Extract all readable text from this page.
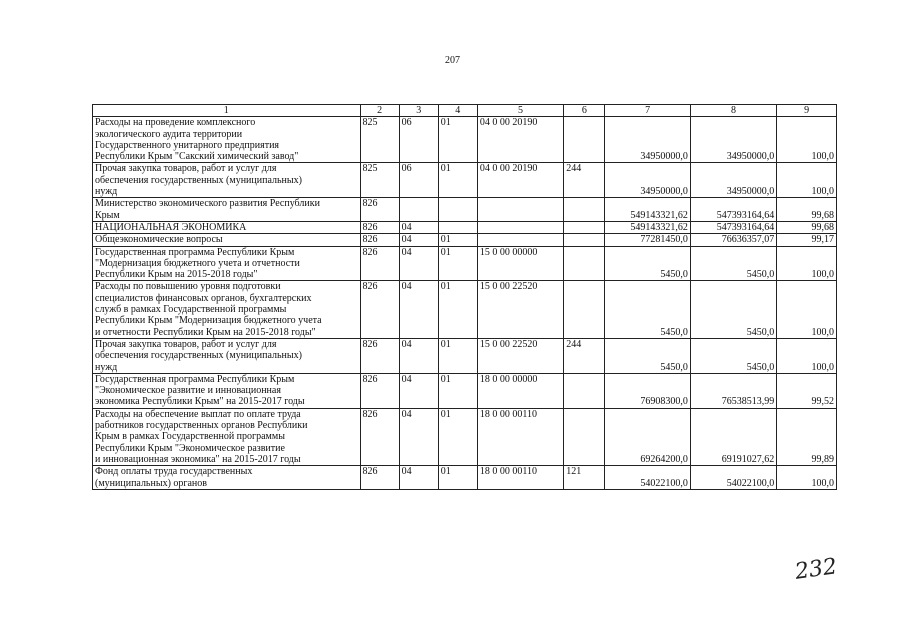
207
1	2	3	4	5	6	7	8	9
Расходы на проведение комплексного
экологического аудита территории
Государственного унитарного предприятия
Республики Крым "Сакский химический завод"	825	06	01	04 0 00 20190		34950000,0	34950000,0	100,0
Прочая закупка товаров, работ и услуг для
обеспечения государственных (муниципальных)
нужд	825	06	01	04 0 00 20190	244	34950000,0	34950000,0	100,0
Министерство экономического развития Республики
Крым	826					549143321,62	547393164,64	99,68
НАЦИОНАЛЬНАЯ ЭКОНОМИКА	826	04				549143321,62	547393164,64	99,68
Общеэкономические вопросы	826	04	01			77281450,0	76636357,07	99,17
Государственная программа Республики Крым
"Модернизация бюджетного учета и отчетности
Республики Крым на 2015-2018 годы"	826	04	01	15 0 00 00000		5450,0	5450,0	100,0
Расходы по повышению уровня подготовки
специалистов финансовых органов, бухгалтерских
служб в рамках Государственной программы
Республики Крым "Модернизация бюджетного учета
и отчетности Республики Крым на 2015-2018 годы"	826	04	01	15 0 00 22520		5450,0	5450,0	100,0
Прочая закупка товаров, работ и услуг для
обеспечения государственных (муниципальных)
нужд	826	04	01	15 0 00 22520	244	5450,0	5450,0	100,0
Государственная программа Республики Крым
"Экономическое развитие и инновационная
экономика Республики Крым" на 2015-2017 годы	826	04	01	18 0 00 00000		76908300,0	76538513,99	99,52
Расходы на обеспечение выплат по оплате труда
работников государственных органов Республики
Крым в рамках Государственной программы
Республики Крым "Экономическое развитие
и инновационная экономика" на 2015-2017 годы	826	04	01	18 0 00 00110		69264200,0	69191027,62	99,89
Фонд оплаты труда государственных
(муниципальных) органов	826	04	01	18 0 00 00110	121	54022100,0	54022100,0	100,0
232
